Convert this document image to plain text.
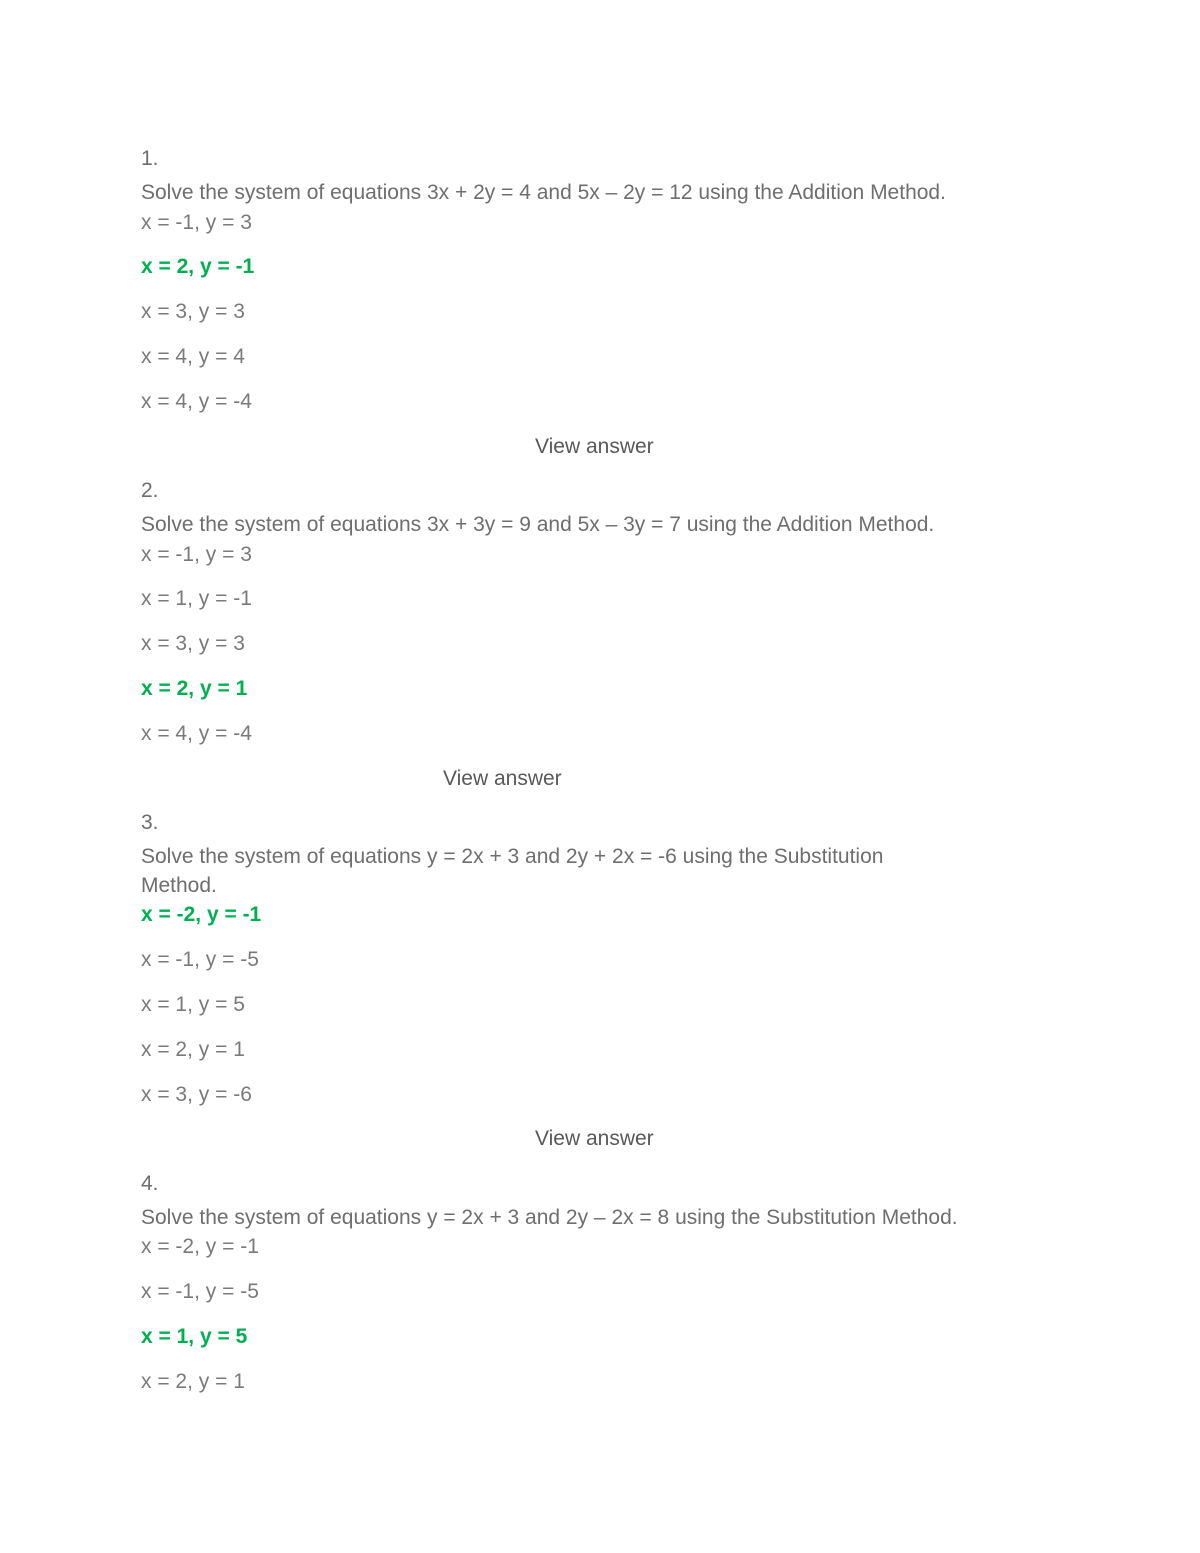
1.
Solve the system of equations 3x + 2y = 4 and 5x – 2y = 12 using the Addition Method.
x = -1, y = 3
x = 2, y = -1
x = 3, y = 3
x = 4, y = 4
x = 4, y = -4
View answer
2.
Solve the system of equations 3x + 3y = 9 and 5x – 3y = 7 using the Addition Method.
x = -1, y = 3
x = 1, y = -1
x = 3, y = 3
x = 2, y = 1
x = 4, y = -4
View answer
3.
Solve the system of equations y = 2x + 3 and 2y + 2x = -6 using the Substitution
Method.
x = -2, y = -1
x = -1, y = -5
x = 1, y = 5
x = 2, y = 1
x = 3, y = -6
View answer
4.
Solve the system of equations y = 2x + 3 and 2y – 2x = 8 using the Substitution Method.
x = -2, y = -1
x = -1, y = -5
x = 1, y = 5
x = 2, y = 1
